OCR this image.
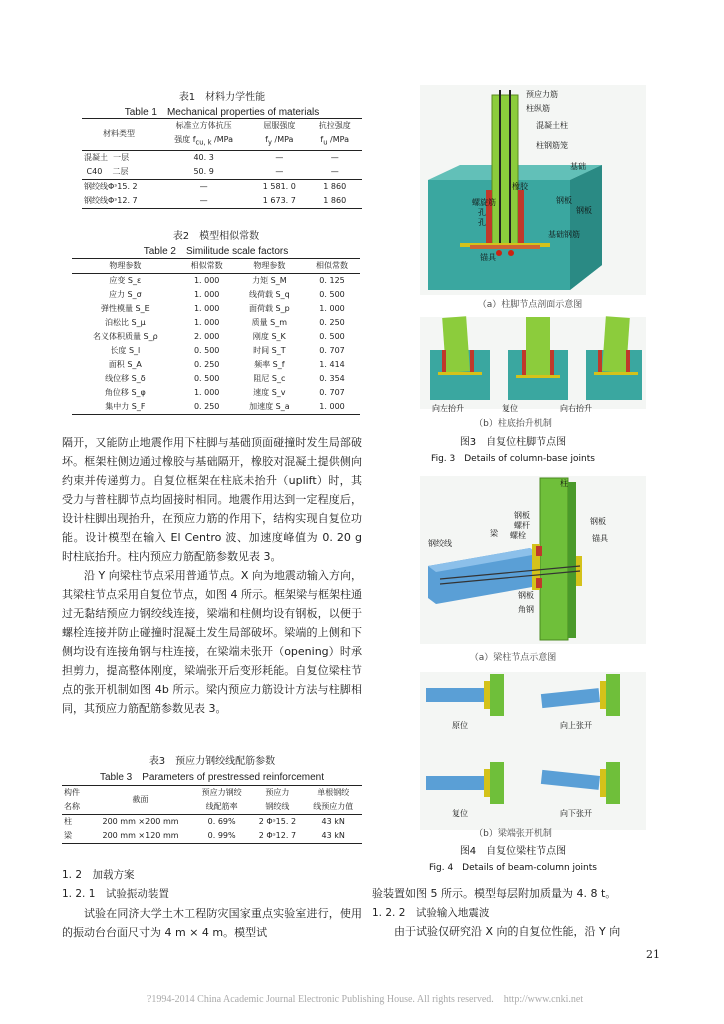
表1　材料力学性能
Table 1　Mechanical properties of materials
材料类型	标准立方体抗压	屈服强度	抗拉强度
	强度 $f_{cu, k}$ /MPa	$f_y$ /MPa	$f_u$ /MPa
混凝土 一层	40. 3	—	—
C40 二层	50. 9	—	—
钢绞线Φˢ15. 2	—	1 581. 0	1 860
钢绞线Φˢ12. 7	—	1 673. 7	1 860
表2　模型相似常数
Table 2　Similitude scale factors
物理参数	相似常数	物理参数	相似常数
应变 S_ε	1. 000	力矩 S_M	0. 125
应力 S_σ	1. 000	线荷载 S_q	0. 500
弹性模量 S_E	1. 000	面荷载 S_p	1. 000
泊松比 S_μ	1. 000	质量 S_m	0. 250
名义体积质量 S_ρ	2. 000	刚度 S_K	0. 500
长度 S_l	0. 500	时间 S_T	0. 707
面积 S_A	0. 250	频率 S_f	1. 414
线位移 S_δ	0. 500	阻尼 S_c	0. 354
角位移 S_φ	1. 000	速度 S_v	0. 707
集中力 S_F	0. 250	加速度 S_a	1. 000

隔开，又能防止地震作用下柱脚与基础顶面碰撞时发生局部破坏。框架柱侧边通过橡胶与基础隔开，橡胶对混凝土提供侧向约束并传递剪力。自复位框架在柱底未抬升（uplift）时，其受力与普柱脚节点均固接时相同。地震作用达到一定程度后，设计柱脚出现抬升，在预应力筋的作用下，结构实现自复位功能。设计模型在输入 El Centro 波、加速度峰值为 0. 20 g 时柱底抬升。柱内预应力筋配筋参数见表 3。

沿 Y 向梁柱节点采用普通节点。X 向为地震动输入方向，其梁柱节点采用自复位节点，如图 4 所示。框架梁与框架柱通过无黏结预应力钢绞线连接，梁端和柱侧均设有钢板，以便于螺栓连接并防止碰撞时混凝土发生局部破坏。梁端的上侧和下侧均设有连接角钢与柱连接，在梁端未张开（opening）时承担剪力，提高整体刚度，梁端张开后变形耗能。自复位梁柱节点的张开机制如图 4b 所示。梁内预应力筋设计方法与柱脚相同，其预应力筋配筋参数见表 3。

表3　预应力钢绞线配筋参数
Table 3　Parameters of prestressed reinforcement
构件	截面	预应力钢绞	预应力	单根钢绞
名称		线配筋率	钢绞线	线预应力值
柱	200 mm ×200 mm	0. 69%	2 Φˢ15. 2	43 kN
梁	200 mm ×120 mm	0. 99%	2 Φˢ12. 7	43 kN
1. 2　加载方案
1. 2. 1　试验振动装置

试验在同济大学土木工程防灾国家重点实验室进行，使用的振动台台面尺寸为 4 m × 4 m。模型试

预应力筋
柱纵筋
混凝土柱
柱钢筋笼
橡胶
基础
螺旋筋
孔
孔
钢板
钢板
基础钢筋
锚具
（a）柱脚节点剖面示意图
向左抬升	复位	向右抬升
（b）柱底抬升机制
图3　自复位柱脚节点图
Fig. 3　Details of column-base joints
柱
钢板
螺杆
螺栓
梁
钢绞线
钢板
锚具
钢板
角钢
（a）梁柱节点示意图
原位	向上张开
复位	向下张开
（b）梁端张开机制
图4　自复位梁柱节点图
Fig. 4　Details of beam-column joints

验装置如图 5 所示。模型每层附加质量为 4. 8 t。

1. 2. 2　试验输入地震波

由于试验仅研究沿 X 向的自复位性能，沿 Y 向

21
?1994-2014 China Academic Journal Electronic Publishing House. All rights reserved.　http://www.cnki.net
